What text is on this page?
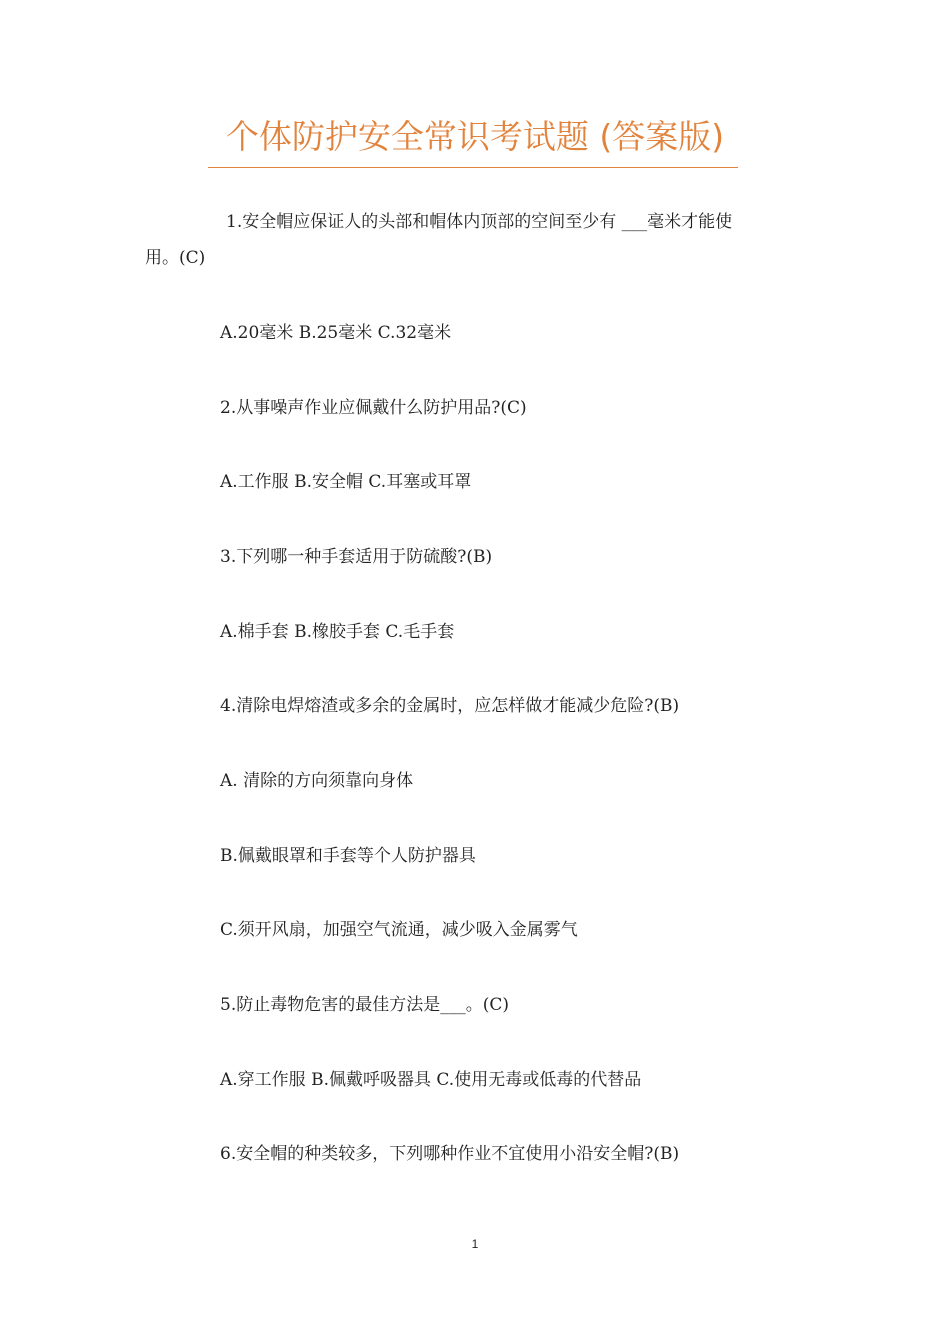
个体防护安全常识考试题 (答案版)
1.安全帽应保证人的头部和帽体内顶部的空间至少有 ___毫米才能使
用。(C)
A.20毫米 B.25毫米 C.32毫米
2.从事噪声作业应佩戴什么防护用品?(C)
A.工作服 B.安全帽 C.耳塞或耳罩
3.下列哪一种手套适用于防硫酸?(B)
A.棉手套 B.橡胶手套 C.毛手套
4.清除电焊熔渣或多余的金属时，应怎样做才能减少危险?(B)
A. 清除的方向须靠向身体
B.佩戴眼罩和手套等个人防护器具
C.须开风扇，加强空气流通，减少吸入金属雾气
5.防止毒物危害的最佳方法是___。(C)
A.穿工作服 B.佩戴呼吸器具 C.使用无毒或低毒的代替品
6.安全帽的种类较多，下列哪种作业不宜使用小沿安全帽?(B)
1
